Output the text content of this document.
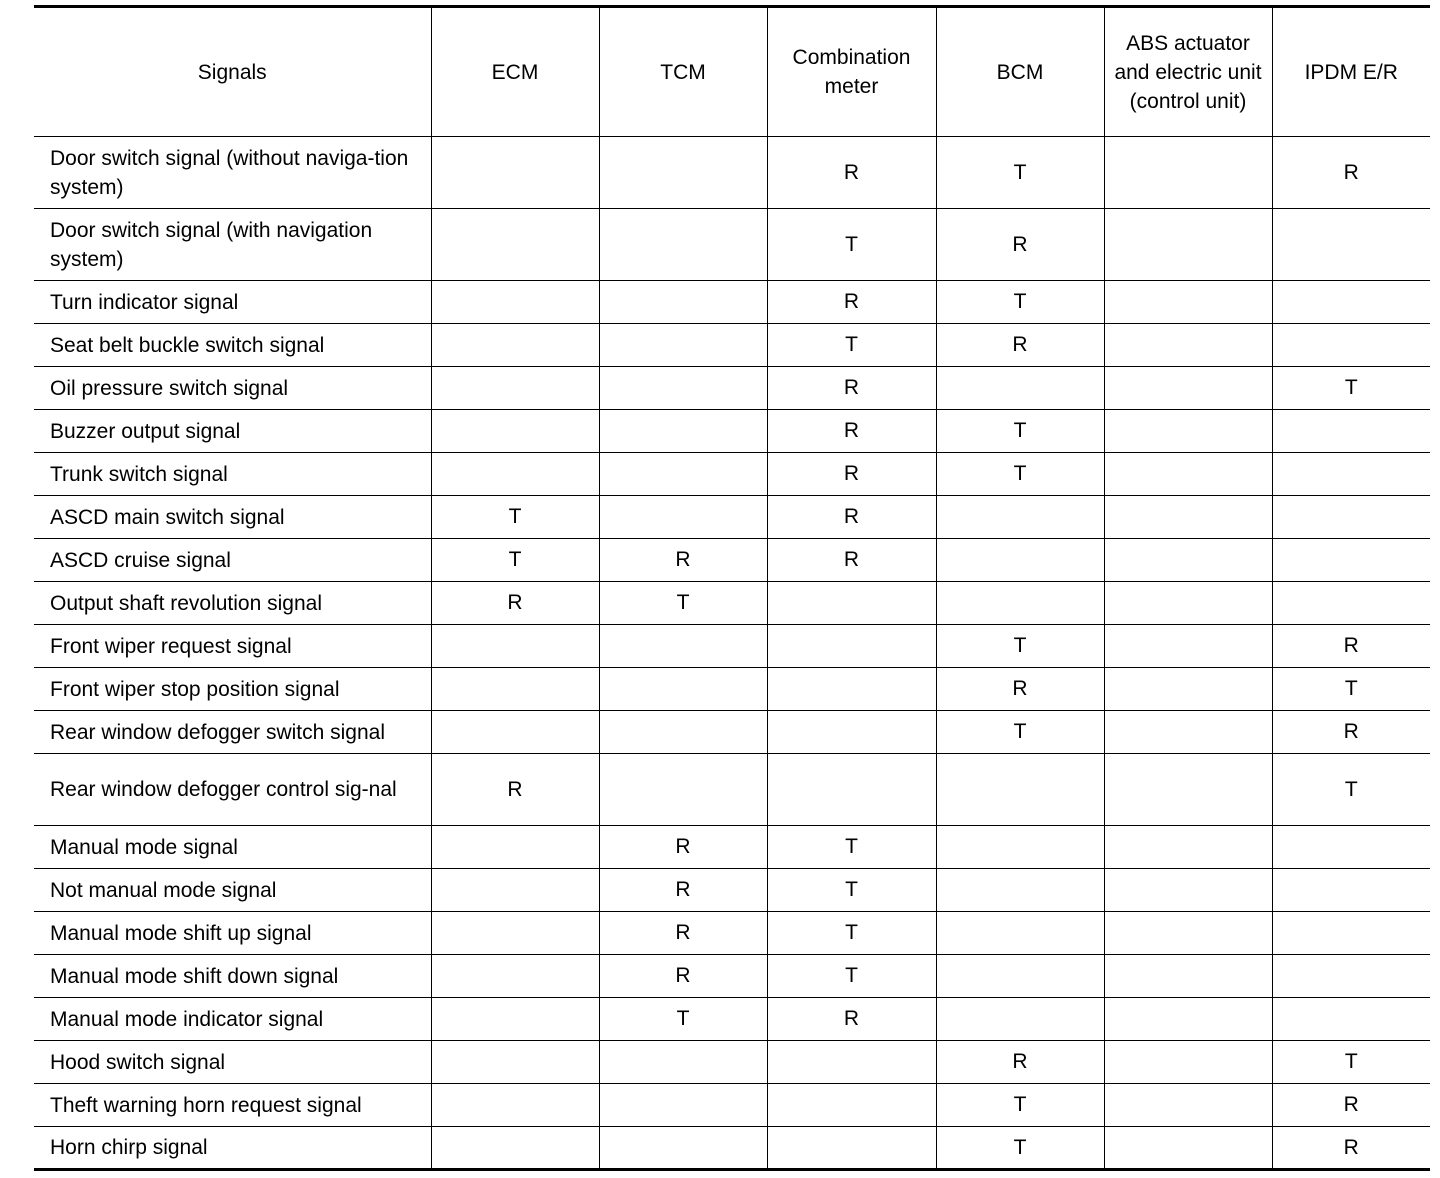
Signals	ECM	TCM	Combination meter	BCM	ABS actuator and electric unit (control unit)	IPDM E/R
Door switch signal (without naviga-tion system)			R	T		R
Door switch signal (with navigation system)			T	R		
Turn indicator signal			R	T		
Seat belt buckle switch signal			T	R		
Oil pressure switch signal			R			T
Buzzer output signal			R	T		
Trunk switch signal			R	T		
ASCD main switch signal	T		R			
ASCD cruise signal	T	R	R			
Output shaft revolution signal	R	T				
Front wiper request signal				T		R
Front wiper stop position signal				R		T
Rear window defogger switch signal				T		R
Rear window defogger control sig-nal	R					T
Manual mode signal		R	T			
Not manual mode signal		R	T			
Manual mode shift up signal		R	T			
Manual mode shift down signal		R	T			
Manual mode indicator signal		T	R			
Hood switch signal				R		T
Theft warning horn request signal				T		R
Horn chirp signal				T		R
